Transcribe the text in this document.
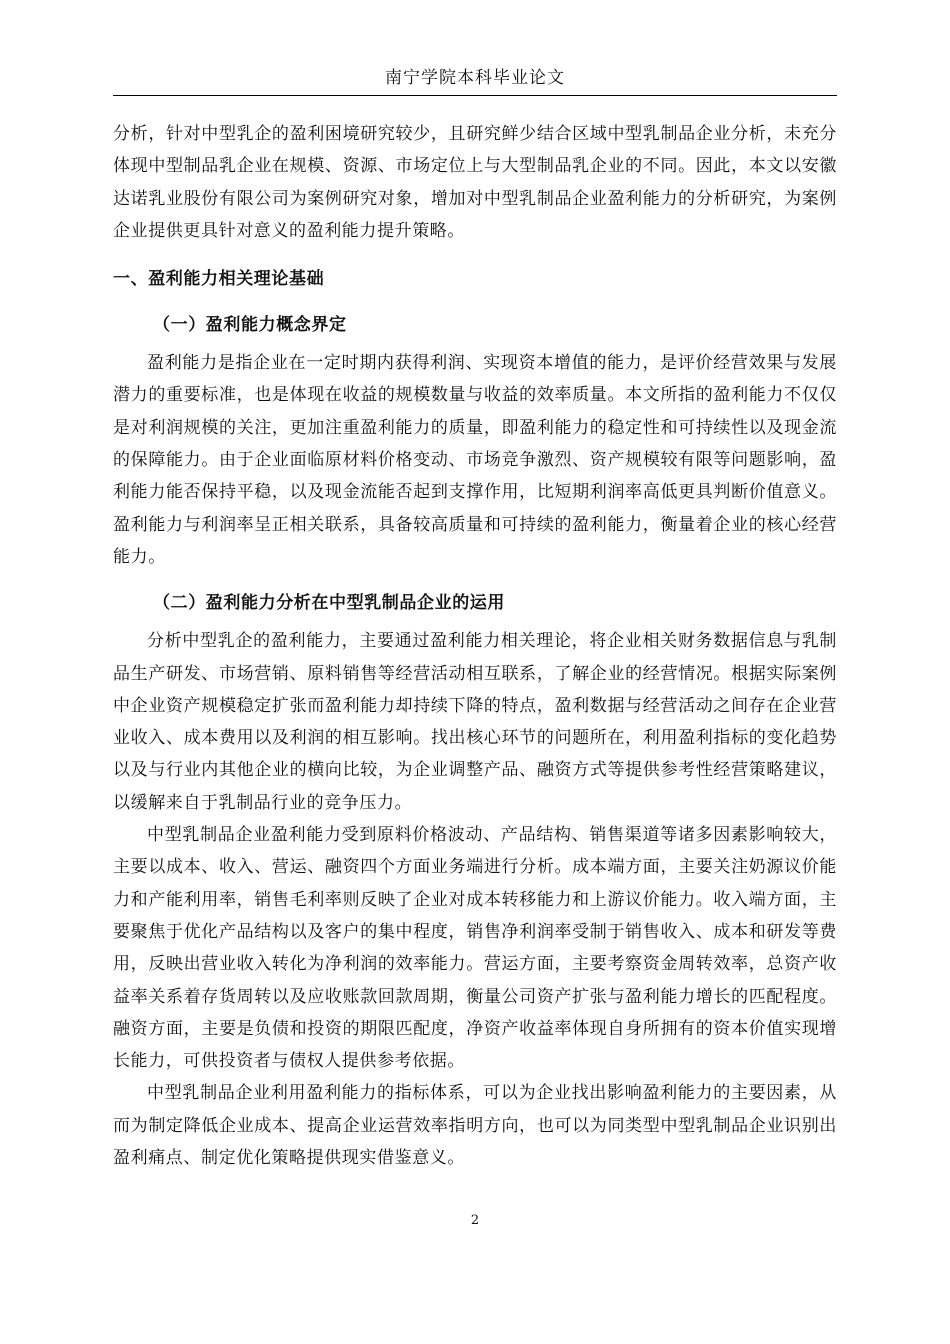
南宁学院本科毕业论文

分析，针对中型乳企的盈利困境研究较少，且研究鲜少结合区域中型乳制品企业分析，未充分体现中型制品乳企业在规模、资源、市场定位上与大型制品乳企业的不同。因此，本文以安徽达诺乳业股份有限公司为案例研究对象，增加对中型乳制品企业盈利能力的分析研究，为案例企业提供更具针对意义的盈利能力提升策略。

一、盈利能力相关理论基础
（一）盈利能力概念界定

盈利能力是指企业在一定时期内获得利润、实现资本增值的能力，是评价经营效果与发展潜力的重要标准，也是体现在收益的规模数量与收益的效率质量。本文所指的盈利能力不仅仅是对利润规模的关注，更加注重盈利能力的质量，即盈利能力的稳定性和可持续性以及现金流的保障能力。由于企业面临原材料价格变动、市场竞争激烈、资产规模较有限等问题影响，盈利能力能否保持平稳，以及现金流能否起到支撑作用，比短期利润率高低更具判断价值意义。盈利能力与利润率呈正相关联系，具备较高质量和可持续的盈利能力，衡量着企业的核心经营能力。

（二）盈利能力分析在中型乳制品企业的运用

分析中型乳企的盈利能力，主要通过盈利能力相关理论，将企业相关财务数据信息与乳制品生产研发、市场营销、原料销售等经营活动相互联系，了解企业的经营情况。根据实际案例中企业资产规模稳定扩张而盈利能力却持续下降的特点，盈利数据与经营活动之间存在企业营业收入、成本费用以及利润的相互影响。找出核心环节的问题所在，利用盈利指标的变化趋势以及与行业内其他企业的横向比较，为企业调整产品、融资方式等提供参考性经营策略建议，以缓解来自于乳制品行业的竞争压力。

中型乳制品企业盈利能力受到原料价格波动、产品结构、销售渠道等诸多因素影响较大，主要以成本、收入、营运、融资四个方面业务端进行分析。成本端方面，主要关注奶源议价能力和产能利用率，销售毛利率则反映了企业对成本转移能力和上游议价能力。收入端方面，主要聚焦于优化产品结构以及客户的集中程度，销售净利润率受制于销售收入、成本和研发等费用，反映出营业收入转化为净利润的效率能力。营运方面，主要考察资金周转效率，总资产收益率关系着存货周转以及应收账款回款周期，衡量公司资产扩张与盈利能力增长的匹配程度。融资方面，主要是负债和投资的期限匹配度，净资产收益率体现自身所拥有的资本价值实现增长能力，可供投资者与债权人提供参考依据。

中型乳制品企业利用盈利能力的指标体系，可以为企业找出影响盈利能力的主要因素，从而为制定降低企业成本、提高企业运营效率指明方向，也可以为同类型中型乳制品企业识别出盈利痛点、制定优化策略提供现实借鉴意义。

2
